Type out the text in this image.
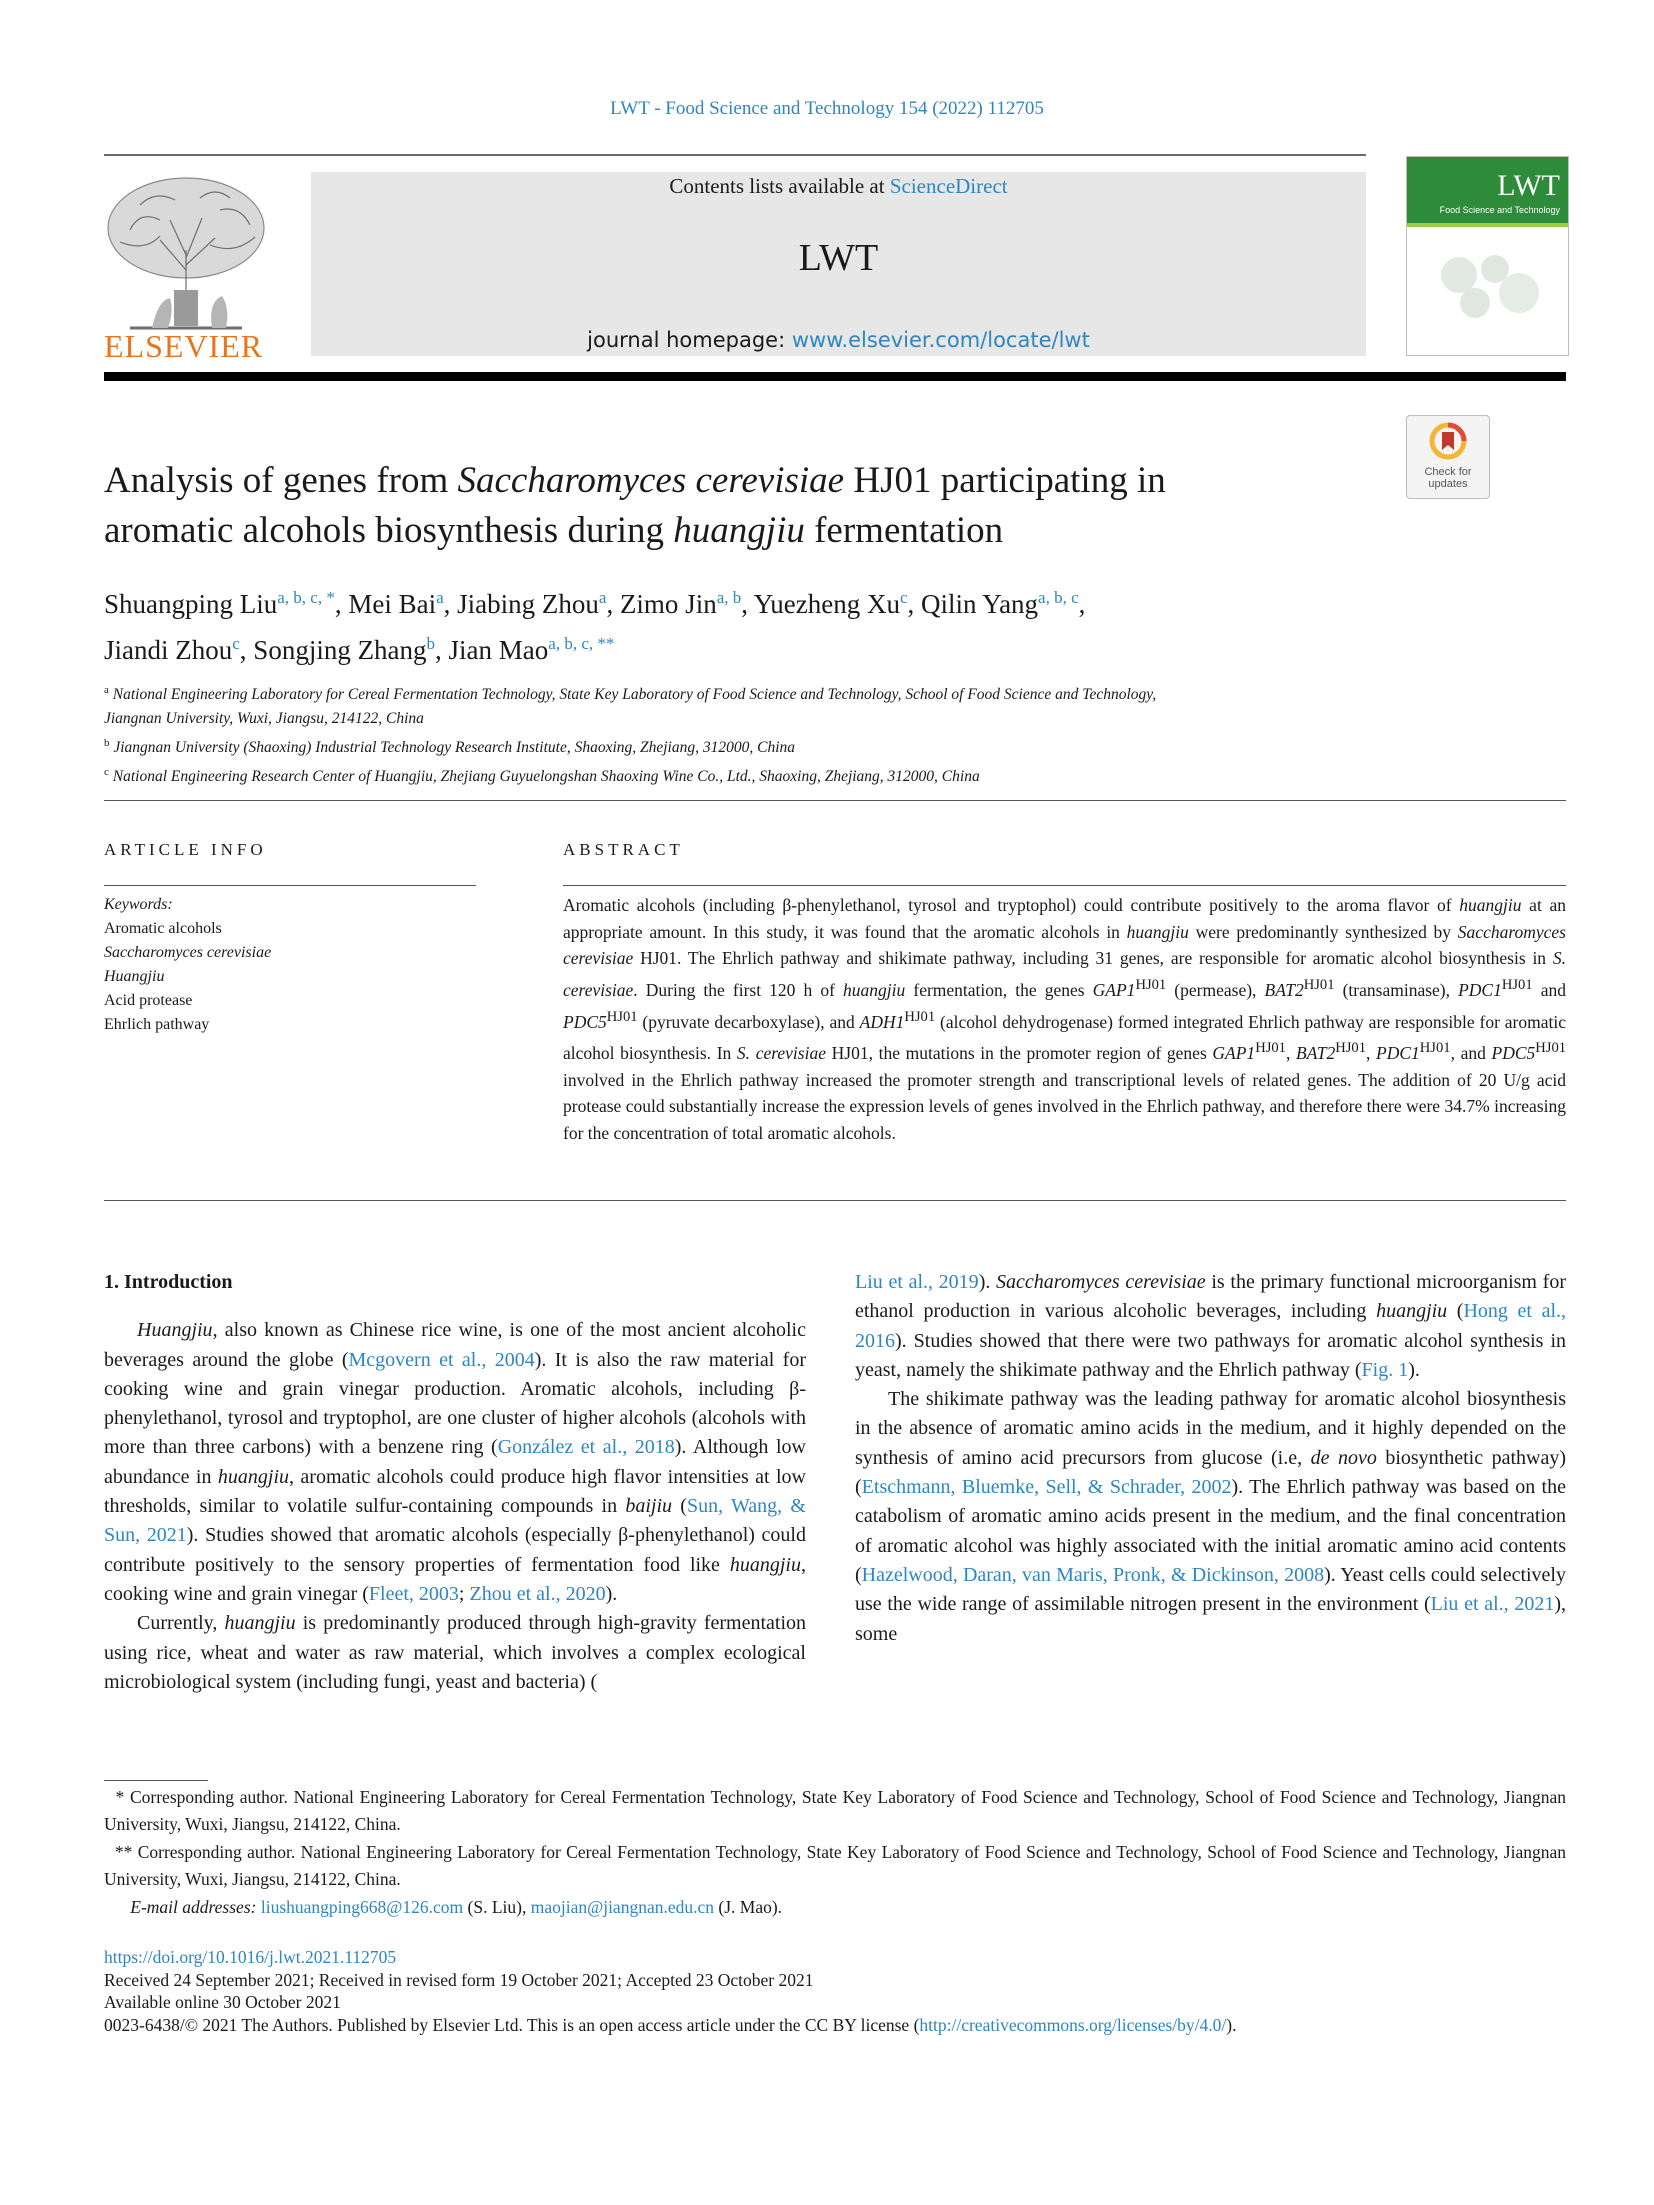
LWT - Food Science and Technology 154 (2022) 112705
ELSEVIER
Contents lists available at ScienceDirect
LWT
journal homepage: www.elsevier.com/locate/lwt
LWT
Food Science and Technology
Check for updates
Analysis of genes from Saccharomyces cerevisiae HJ01 participating in
aromatic alcohols biosynthesis during huangjiu fermentation
Shuangping Liu$^{a, b, c, *}$, Mei Bai$^a$, Jiabing Zhou$^a$, Zimo Jin$^{a, b}$, Yuezheng Xu$^c$, Qilin Yang$^{a, b, c}$,
Jiandi Zhou$^c$, Songjing Zhang$^b$, Jian Mao$^{a, b, c, **}$
$^a$ National Engineering Laboratory for Cereal Fermentation Technology, State Key Laboratory of Food Science and Technology, School of Food Science and Technology,
Jiangnan University, Wuxi, Jiangsu, 214122, China
$^b$ Jiangnan University (Shaoxing) Industrial Technology Research Institute, Shaoxing, Zhejiang, 312000, China
$^c$ National Engineering Research Center of Huangjiu, Zhejiang Guyuelongshan Shaoxing Wine Co., Ltd., Shaoxing, Zhejiang, 312000, China
ARTICLE INFO
Keywords:
Aromatic alcohols
Saccharomyces cerevisiae
Huangjiu
Acid protease
Ehrlich pathway
ABSTRACT

Aromatic alcohols (including β-phenylethanol, tyrosol and tryptophol) could contribute positively to the aroma flavor of huangjiu at an appropriate amount. In this study, it was found that the aromatic alcohols in huangjiu were predominantly synthesized by Saccharomyces cerevisiae HJ01. The Ehrlich pathway and shikimate pathway, including 31 genes, are responsible for aromatic alcohol biosynthesis in S. cerevisiae. During the first 120 h of huangjiu fermentation, the genes $GAP1^{HJ01}$ (permease), $BAT2^{HJ01}$ (transaminase), $PDC1^{HJ01}$ and $PDC5^{HJ01}$ (pyruvate decarboxylase), and $ADH1^{HJ01}$ (alcohol dehydrogenase) formed integrated Ehrlich pathway are responsible for aromatic alcohol biosynthesis. In S. cerevisiae HJ01, the mutations in the promoter region of genes $GAP1^{HJ01}$, $BAT2^{HJ01}$, $PDC1^{HJ01}$, and $PDC5^{HJ01}$ involved in the Ehrlich pathway increased the promoter strength and transcriptional levels of related genes. The addition of 20 U/g acid protease could substantially increase the expression levels of genes involved in the Ehrlich pathway, and therefore there were 34.7% increasing for the concentration of total aromatic alcohols.

1. Introduction

Huangjiu, also known as Chinese rice wine, is one of the most ancient alcoholic beverages around the globe (Mcgovern et al., 2004). It is also the raw material for cooking wine and grain vinegar production. Aromatic alcohols, including β-phenylethanol, tyrosol and tryptophol, are one cluster of higher alcohols (alcohols with more than three carbons) with a benzene ring (González et al., 2018). Although low abundance in huangjiu, aromatic alcohols could produce high flavor intensities at low thresholds, similar to volatile sulfur-containing compounds in baijiu (Sun, Wang, & Sun, 2021). Studies showed that aromatic alcohols (especially β-phenylethanol) could contribute positively to the sensory properties of fermentation food like huangjiu, cooking wine and grain vinegar (Fleet, 2003; Zhou et al., 2020).

Currently, huangjiu is predominantly produced through high-gravity fermentation using rice, wheat and water as raw material, which involves a complex ecological microbiological system (including fungi, yeast and bacteria) (

Liu et al., 2019). Saccharomyces cerevisiae is the primary functional microorganism for ethanol production in various alcoholic beverages, including huangjiu (Hong et al., 2016). Studies showed that there were two pathways for aromatic alcohol synthesis in yeast, namely the shikimate pathway and the Ehrlich pathway (Fig. 1).

The shikimate pathway was the leading pathway for aromatic alcohol biosynthesis in the absence of aromatic amino acids in the medium, and it highly depended on the synthesis of amino acid precursors from glucose (i.e, de novo biosynthetic pathway) (Etschmann, Bluemke, Sell, & Schrader, 2002). The Ehrlich pathway was based on the catabolism of aromatic amino acids present in the medium, and the final concentration of aromatic alcohol was highly associated with the initial aromatic amino acid contents (Hazelwood, Daran, van Maris, Pronk, & Dickinson, 2008). Yeast cells could selectively use the wide range of assimilable nitrogen present in the environment (Liu et al., 2021), some

* Corresponding author. National Engineering Laboratory for Cereal Fermentation Technology, State Key Laboratory of Food Science and Technology, School of Food Science and Technology, Jiangnan University, Wuxi, Jiangsu, 214122, China.

** Corresponding author. National Engineering Laboratory for Cereal Fermentation Technology, State Key Laboratory of Food Science and Technology, School of Food Science and Technology, Jiangnan University, Wuxi, Jiangsu, 214122, China.

E-mail addresses: liushuangping668@126.com (S. Liu), maojian@jiangnan.edu.cn (J. Mao).

https://doi.org/10.1016/j.lwt.2021.112705

Received 24 September 2021; Received in revised form 19 October 2021; Accepted 23 October 2021

Available online 30 October 2021

0023-6438/© 2021 The Authors. Published by Elsevier Ltd. This is an open access article under the CC BY license (http://creativecommons.org/licenses/by/4.0/).
